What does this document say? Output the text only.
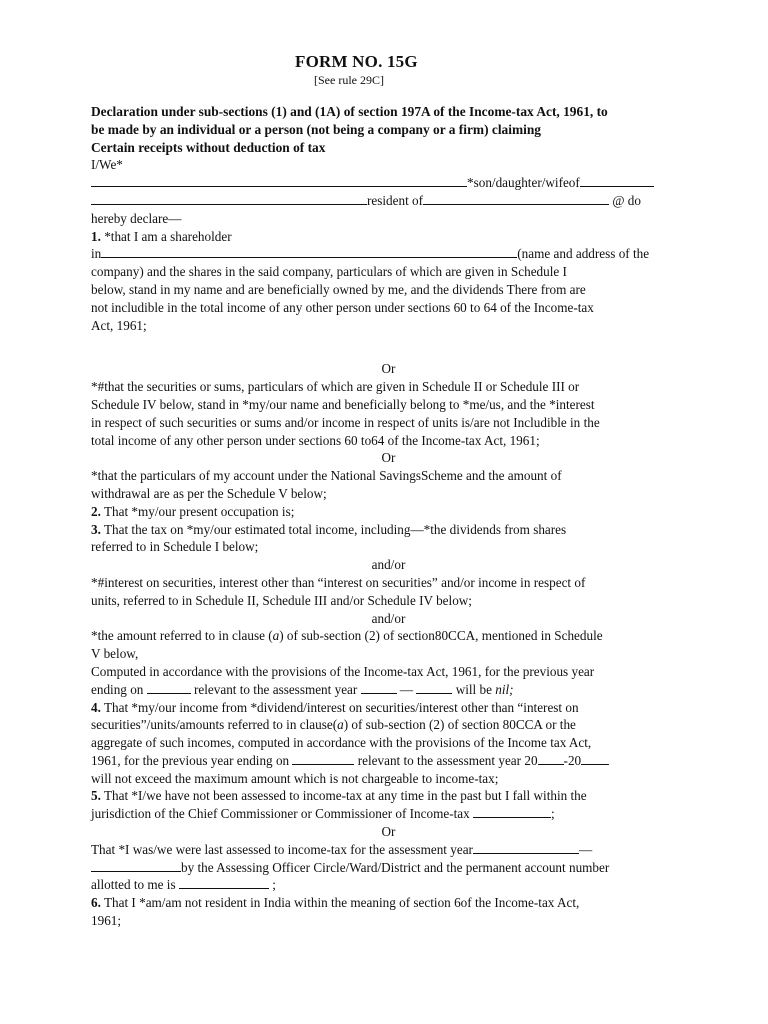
FORM NO. 15G
[See rule 29C]
Declaration under sub-sections (1) and (1A) of section 197A of the Income-tax Act, 1961, to
be made by an individual or a person (not being a company or a firm) claiming
Certain receipts without deduction of tax
I/We*
*son/daughter/wifeof
resident of	@ do
hereby declare—
1. *that I am a shareholder
in	(name and address of the
company) and the shares in the said company, particulars of which are given in Schedule I
below, stand in my name and are beneficially owned by me, and the dividends There from are
not includible in the total income of any other person under sections 60 to 64 of the Income-tax
Act, 1961;
Or
*#that the securities or sums, particulars of which are given in Schedule II or Schedule III or
Schedule IV below, stand in *my/our name and beneficially belong to *me/us, and the *interest
in respect of such securities or sums and/or income in respect of units is/are not Includible in the
total income of any other person under sections 60 to64 of the Income-tax Act, 1961;
Or
*that the particulars of my account under the National SavingsScheme and the amount of
withdrawal are as per the Schedule V below;
2. That *my/our present occupation is;
3. That the tax on *my/our estimated total income, including—*the dividends from shares
referred to in Schedule I below;
and/or
*#interest on securities, interest other than “interest on securities” and/or income in respect of
units, referred to in Schedule II, Schedule III and/or Schedule IV below;
and/or
*the amount referred to in clause (a) of sub-section (2) of section80CCA, mentioned in Schedule
V below,
Computed in accordance with the provisions of the Income-tax Act, 1961, for the previous year
ending on	relevant to the assessment year	—	will be nil;
4. That *my/our income from *dividend/interest on securities/interest other than “interest on
securities”/units/amounts referred to in clause(a) of sub-section (2) of section 80CCA or the
aggregate of such incomes, computed in accordance with the provisions of the Income tax Act,
1961, for the previous year ending on	relevant to the assessment year 20 -20
will not exceed the maximum amount which is not chargeable to income-tax;
5. That *I/we have not been assessed to income-tax at any time in the past but I fall within the
jurisdiction of the Chief Commissioner or Commissioner of Income-tax	;
Or
That *I was/we were last assessed to income-tax for the assessment year	—
by the Assessing Officer Circle/Ward/District and the permanent account number
allotted to me is	;
6. That I *am/am not resident in India within the meaning of section 6of the Income-tax Act,
1961;
